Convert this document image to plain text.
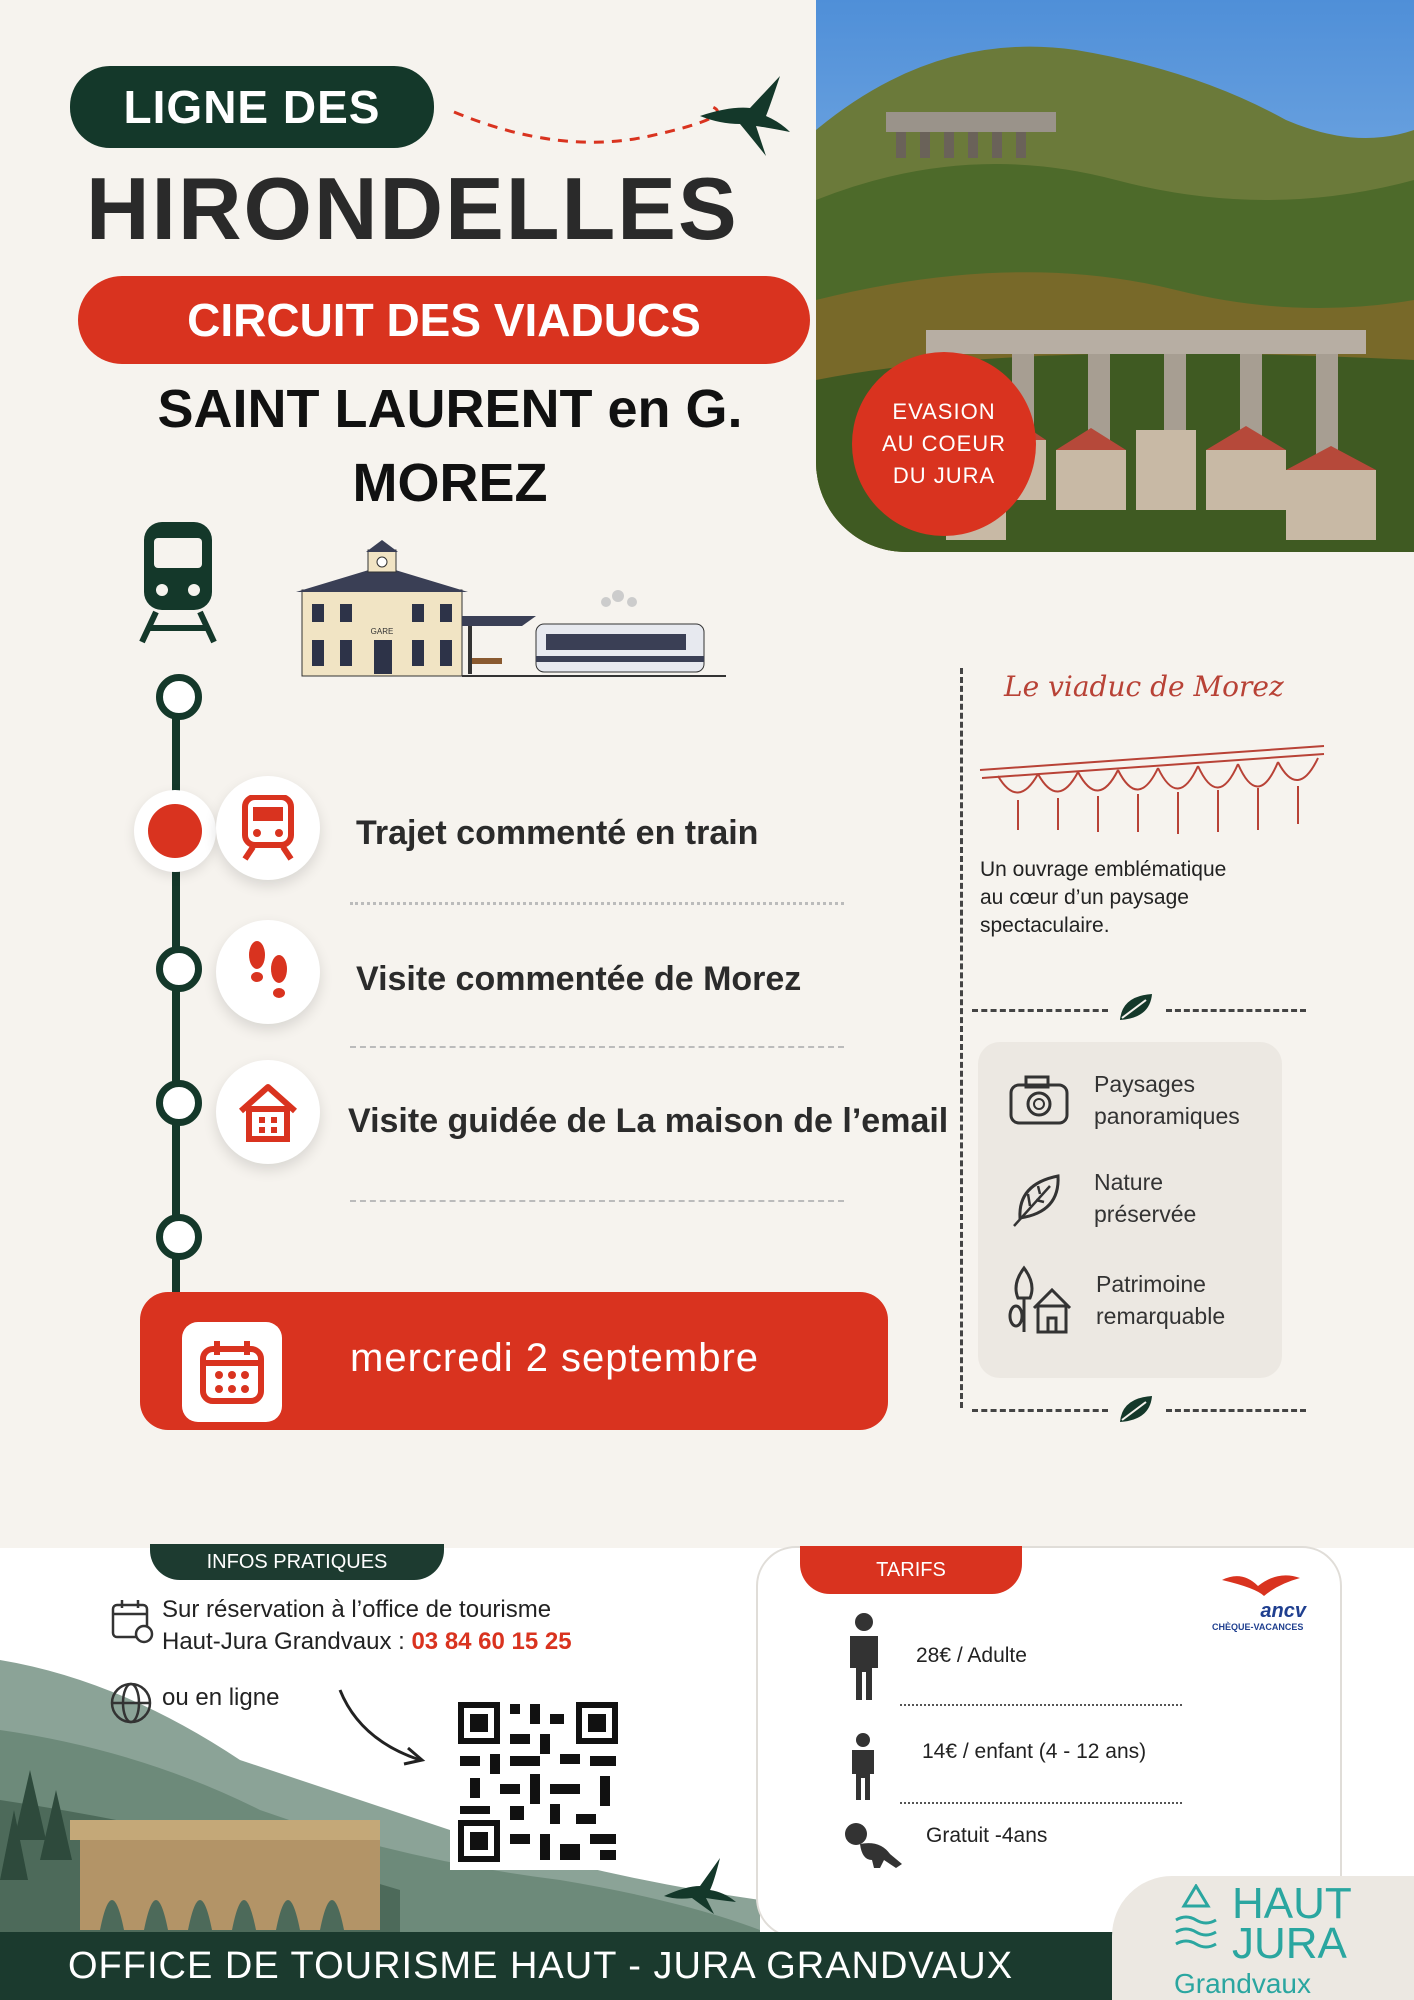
LIGNE DES
HIRONDELLES
CIRCUIT DES VIADUCS
SAINT LAURENT en G.
MOREZ
EVASION
AU COEUR
DU JURA
GARE
Trajet commenté en train
Visite commentée de Morez
Visite guidée de La maison de l’email
mercredi 2 septembre
Le viaduc de Morez
Un ouvrage emblématique
au cœur d’un paysage
spectaculaire.
Paysages
panoramiques
Nature
préservée
Patrimoine
remarquable
INFOS PRATIQUES
Sur réservation à l’office de tourisme
Haut-Jura Grandvaux : 03 84 60 15 25
ou en ligne
TARIFS
ancv
CHÈQUE-VACANCES
28€ / Adulte
14€ / enfant (4 - 12 ans)
Gratuit -4ans
OFFICE DE TOURISME HAUT - JURA GRANDVAUX
HAUT
JURA
Grandvaux
